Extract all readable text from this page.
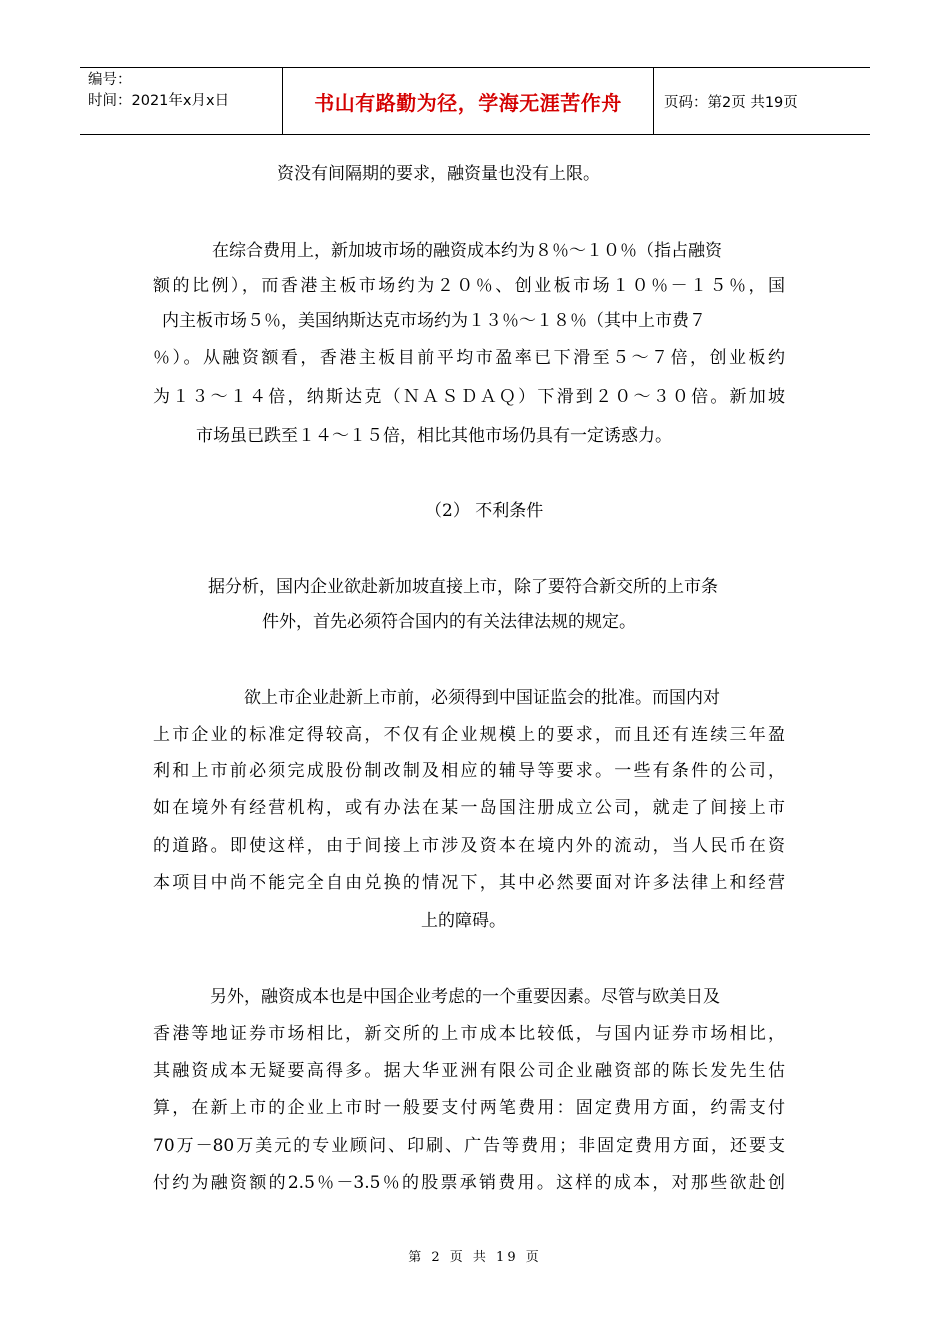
编号：
时间：2021年x月x日	书山有路勤为径，学海无涯苦作舟	页码：第2页 共19页
资没有间隔期的要求，融资量也没有上限。
在综合费用上，新加坡市场的融资成本约为８％～１０％（指占融资
额的比例），而香港主板市场约为２０％、创业板市场１０％－１５％，国
内主板市场５％，美国纳斯达克市场约为１３％～１８％（其中上市费７
％）。从融资额看，香港主板目前平均市盈率已下滑至５～７倍，创业板约
为１３～１４倍，纳斯达克（ＮＡＳＤＡＱ）下滑到２０～３０倍。新加坡
市场虽已跌至１４～１５倍，相比其他市场仍具有一定诱惑力。
（2） 不利条件
据分析，国内企业欲赴新加坡直接上市，除了要符合新交所的上市条
件外，首先必须符合国内的有关法律法规的规定。
欲上市企业赴新上市前，必须得到中国证监会的批准。而国内对
上市企业的标准定得较高，不仅有企业规模上的要求，而且还有连续三年盈
利和上市前必须完成股份制改制及相应的辅导等要求。一些有条件的公司，
如在境外有经营机构，或有办法在某一岛国注册成立公司，就走了间接上市
的道路。即使这样，由于间接上市涉及资本在境内外的流动，当人民币在资
本项目中尚不能完全自由兑换的情况下，其中必然要面对许多法律上和经营
上的障碍。
另外，融资成本也是中国企业考虑的一个重要因素。尽管与欧美日及
香港等地证券市场相比，新交所的上市成本比较低，与国内证券市场相比，
其融资成本无疑要高得多。据大华亚洲有限公司企业融资部的陈长发先生估
算，在新上市的企业上市时一般要支付两笔费用：固定费用方面，约需支付
70万－80万美元的专业顾问、印刷、广告等费用；非固定费用方面，还要支
付约为融资额的2.5％－3.5％的股票承销费用。这样的成本，对那些欲赴创
第 2 页 共 19 页
